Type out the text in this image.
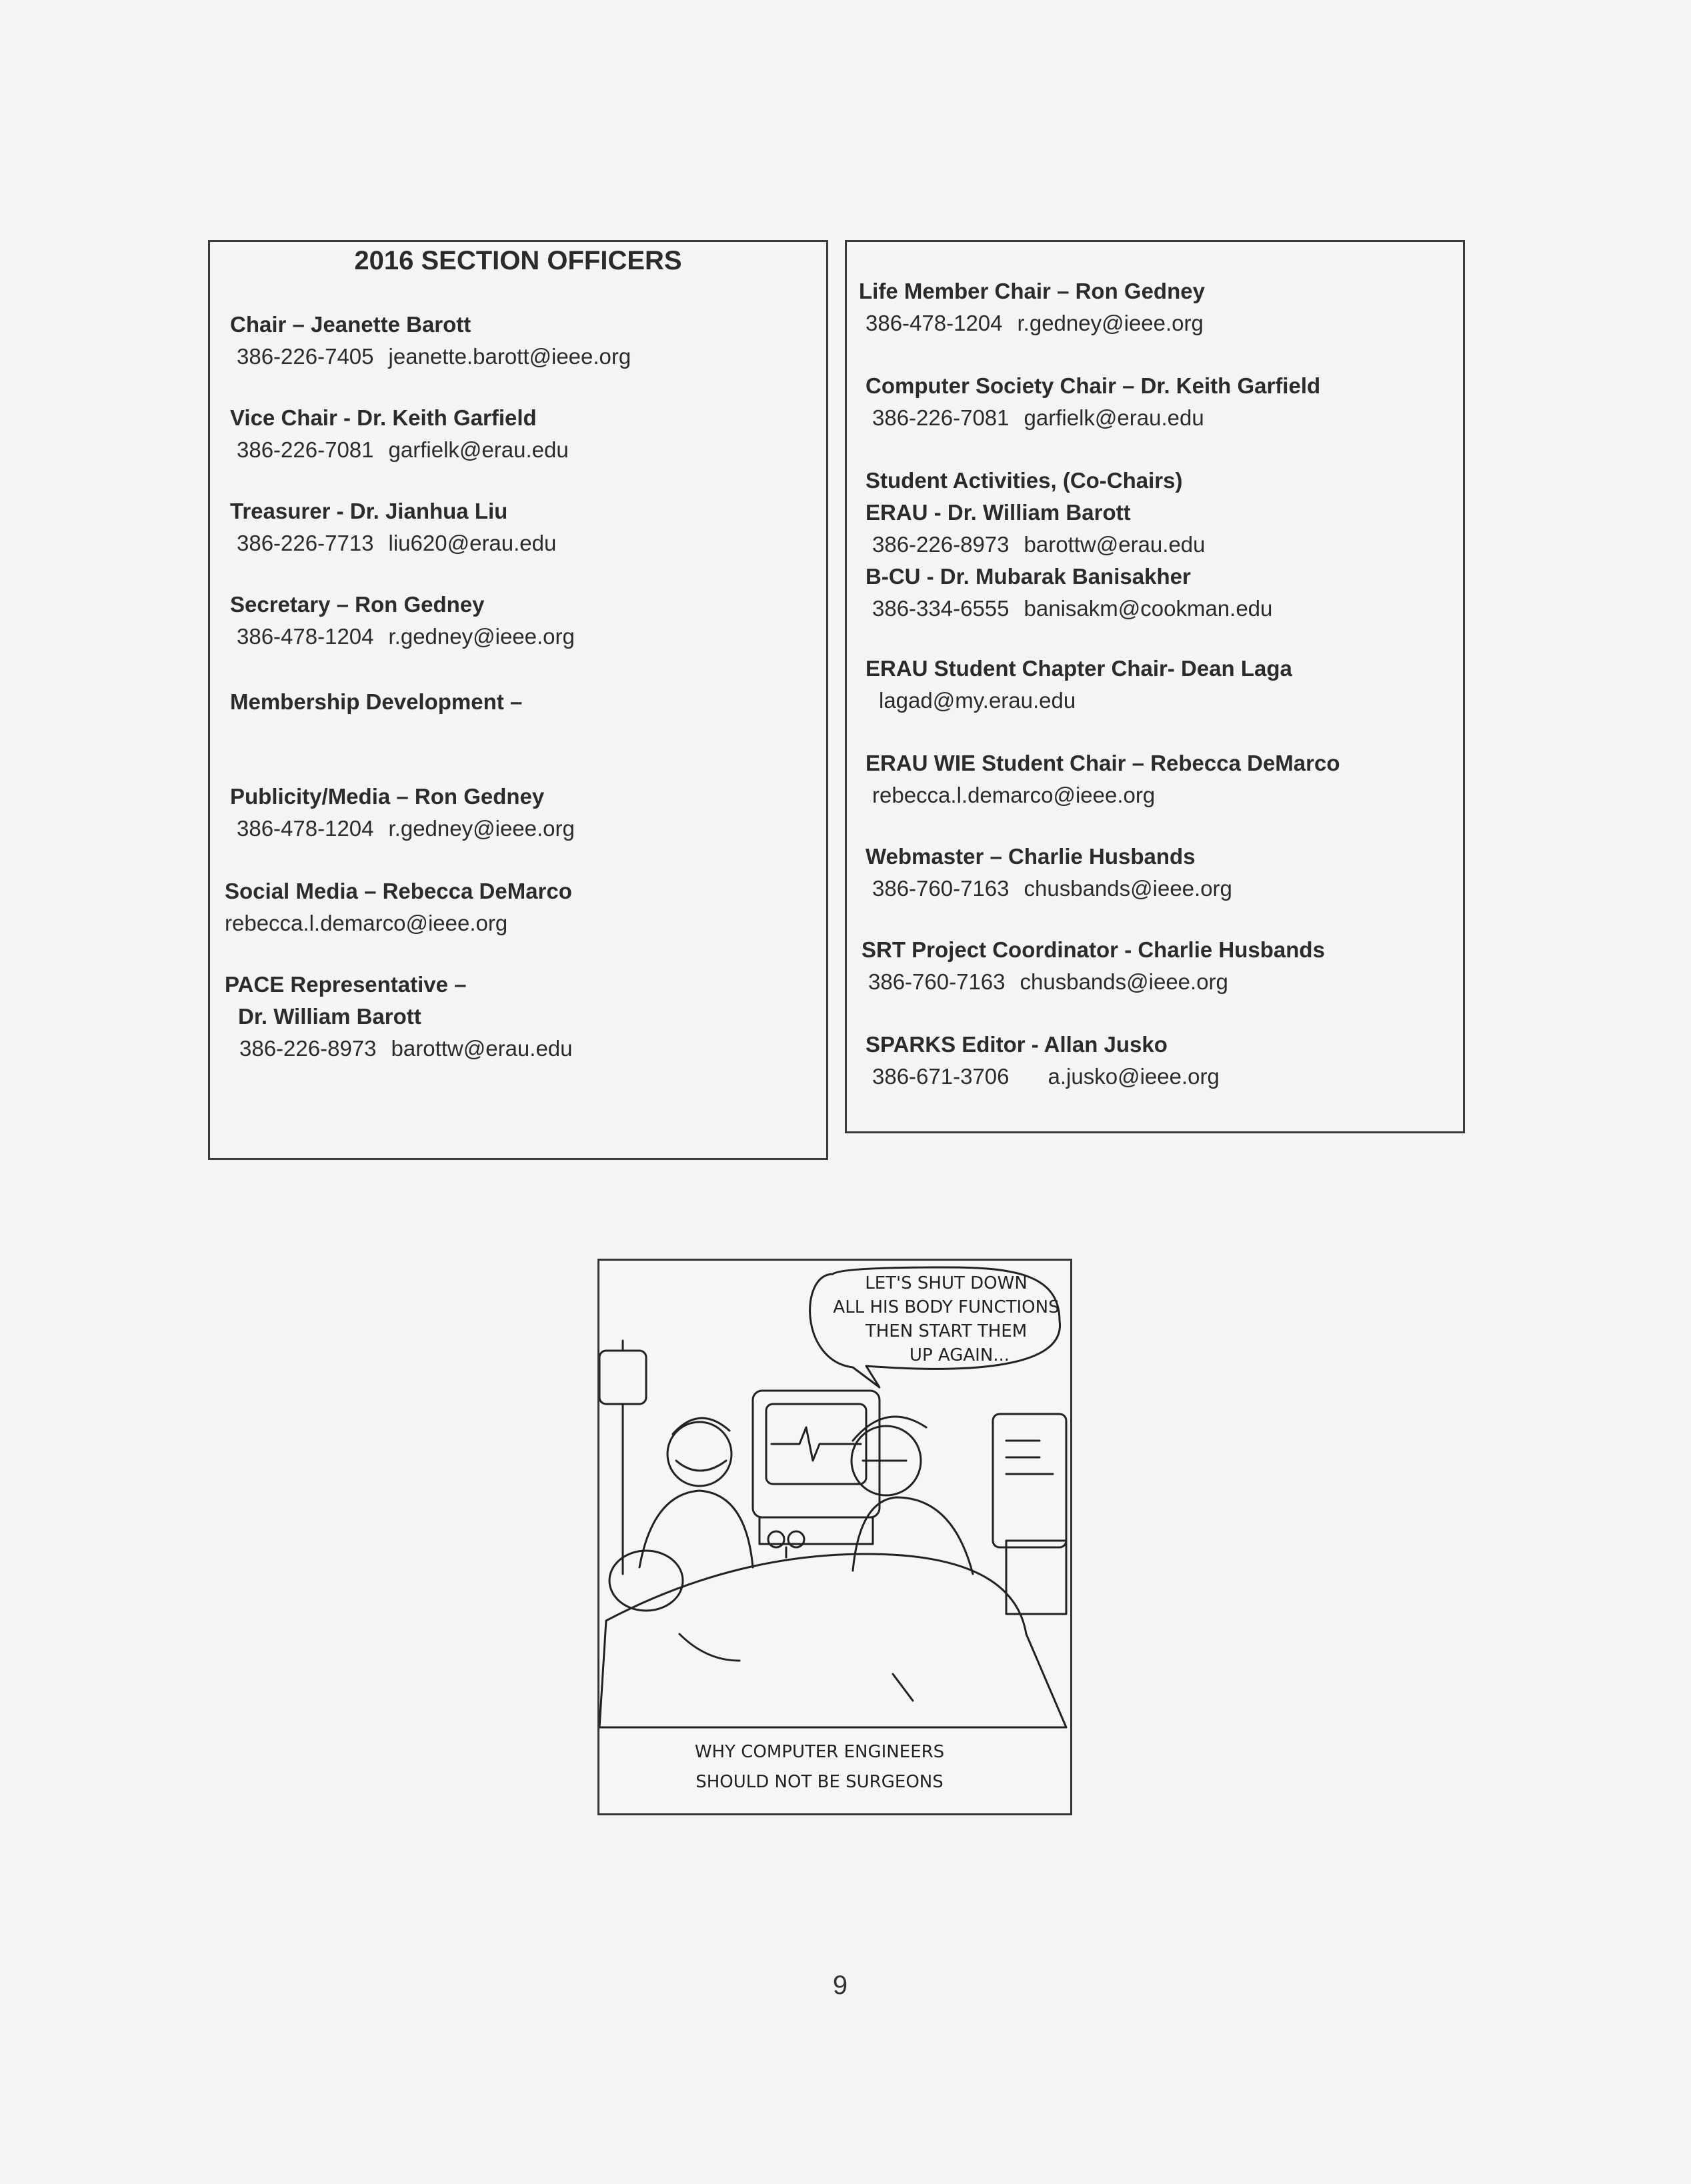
2016 SECTION OFFICERS
Chair – Jeanette Barott
386-226-7405 jeanette.barott@ieee.org
Vice Chair - Dr. Keith Garfield
386-226-7081 garfielk@erau.edu
Treasurer - Dr. Jianhua Liu
386-226-7713 liu620@erau.edu
Secretary – Ron Gedney
386-478-1204 r.gedney@ieee.org
Membership Development –
Publicity/Media – Ron Gedney
386-478-1204 r.gedney@ieee.org
Social Media – Rebecca DeMarco
rebecca.l.demarco@ieee.org
PACE Representative –
Dr. William Barott
386-226-8973 barottw@erau.edu
Life Member Chair – Ron Gedney
386-478-1204 r.gedney@ieee.org
Computer Society Chair – Dr. Keith Garfield
386-226-7081 garfielk@erau.edu
Student Activities, (Co-Chairs)
ERAU - Dr. William Barott
386-226-8973 barottw@erau.edu
B-CU - Dr. Mubarak Banisakher
386-334-6555 banisakm@cookman.edu
ERAU Student Chapter Chair- Dean Laga
lagad@my.erau.edu
ERAU WIE Student Chair – Rebecca DeMarco
rebecca.l.demarco@ieee.org
Webmaster – Charlie Husbands
386-760-7163 chusbands@ieee.org
SRT Project Coordinator - Charlie Husbands
386-760-7163 chusbands@ieee.org
SPARKS Editor - Allan Jusko
386-671-3706 a.jusko@ieee.org
LET'S SHUT DOWN
ALL HIS BODY FUNCTIONS
THEN START THEM
UP AGAIN...
WHY COMPUTER ENGINEERS
SHOULD NOT BE SURGEONS
9
